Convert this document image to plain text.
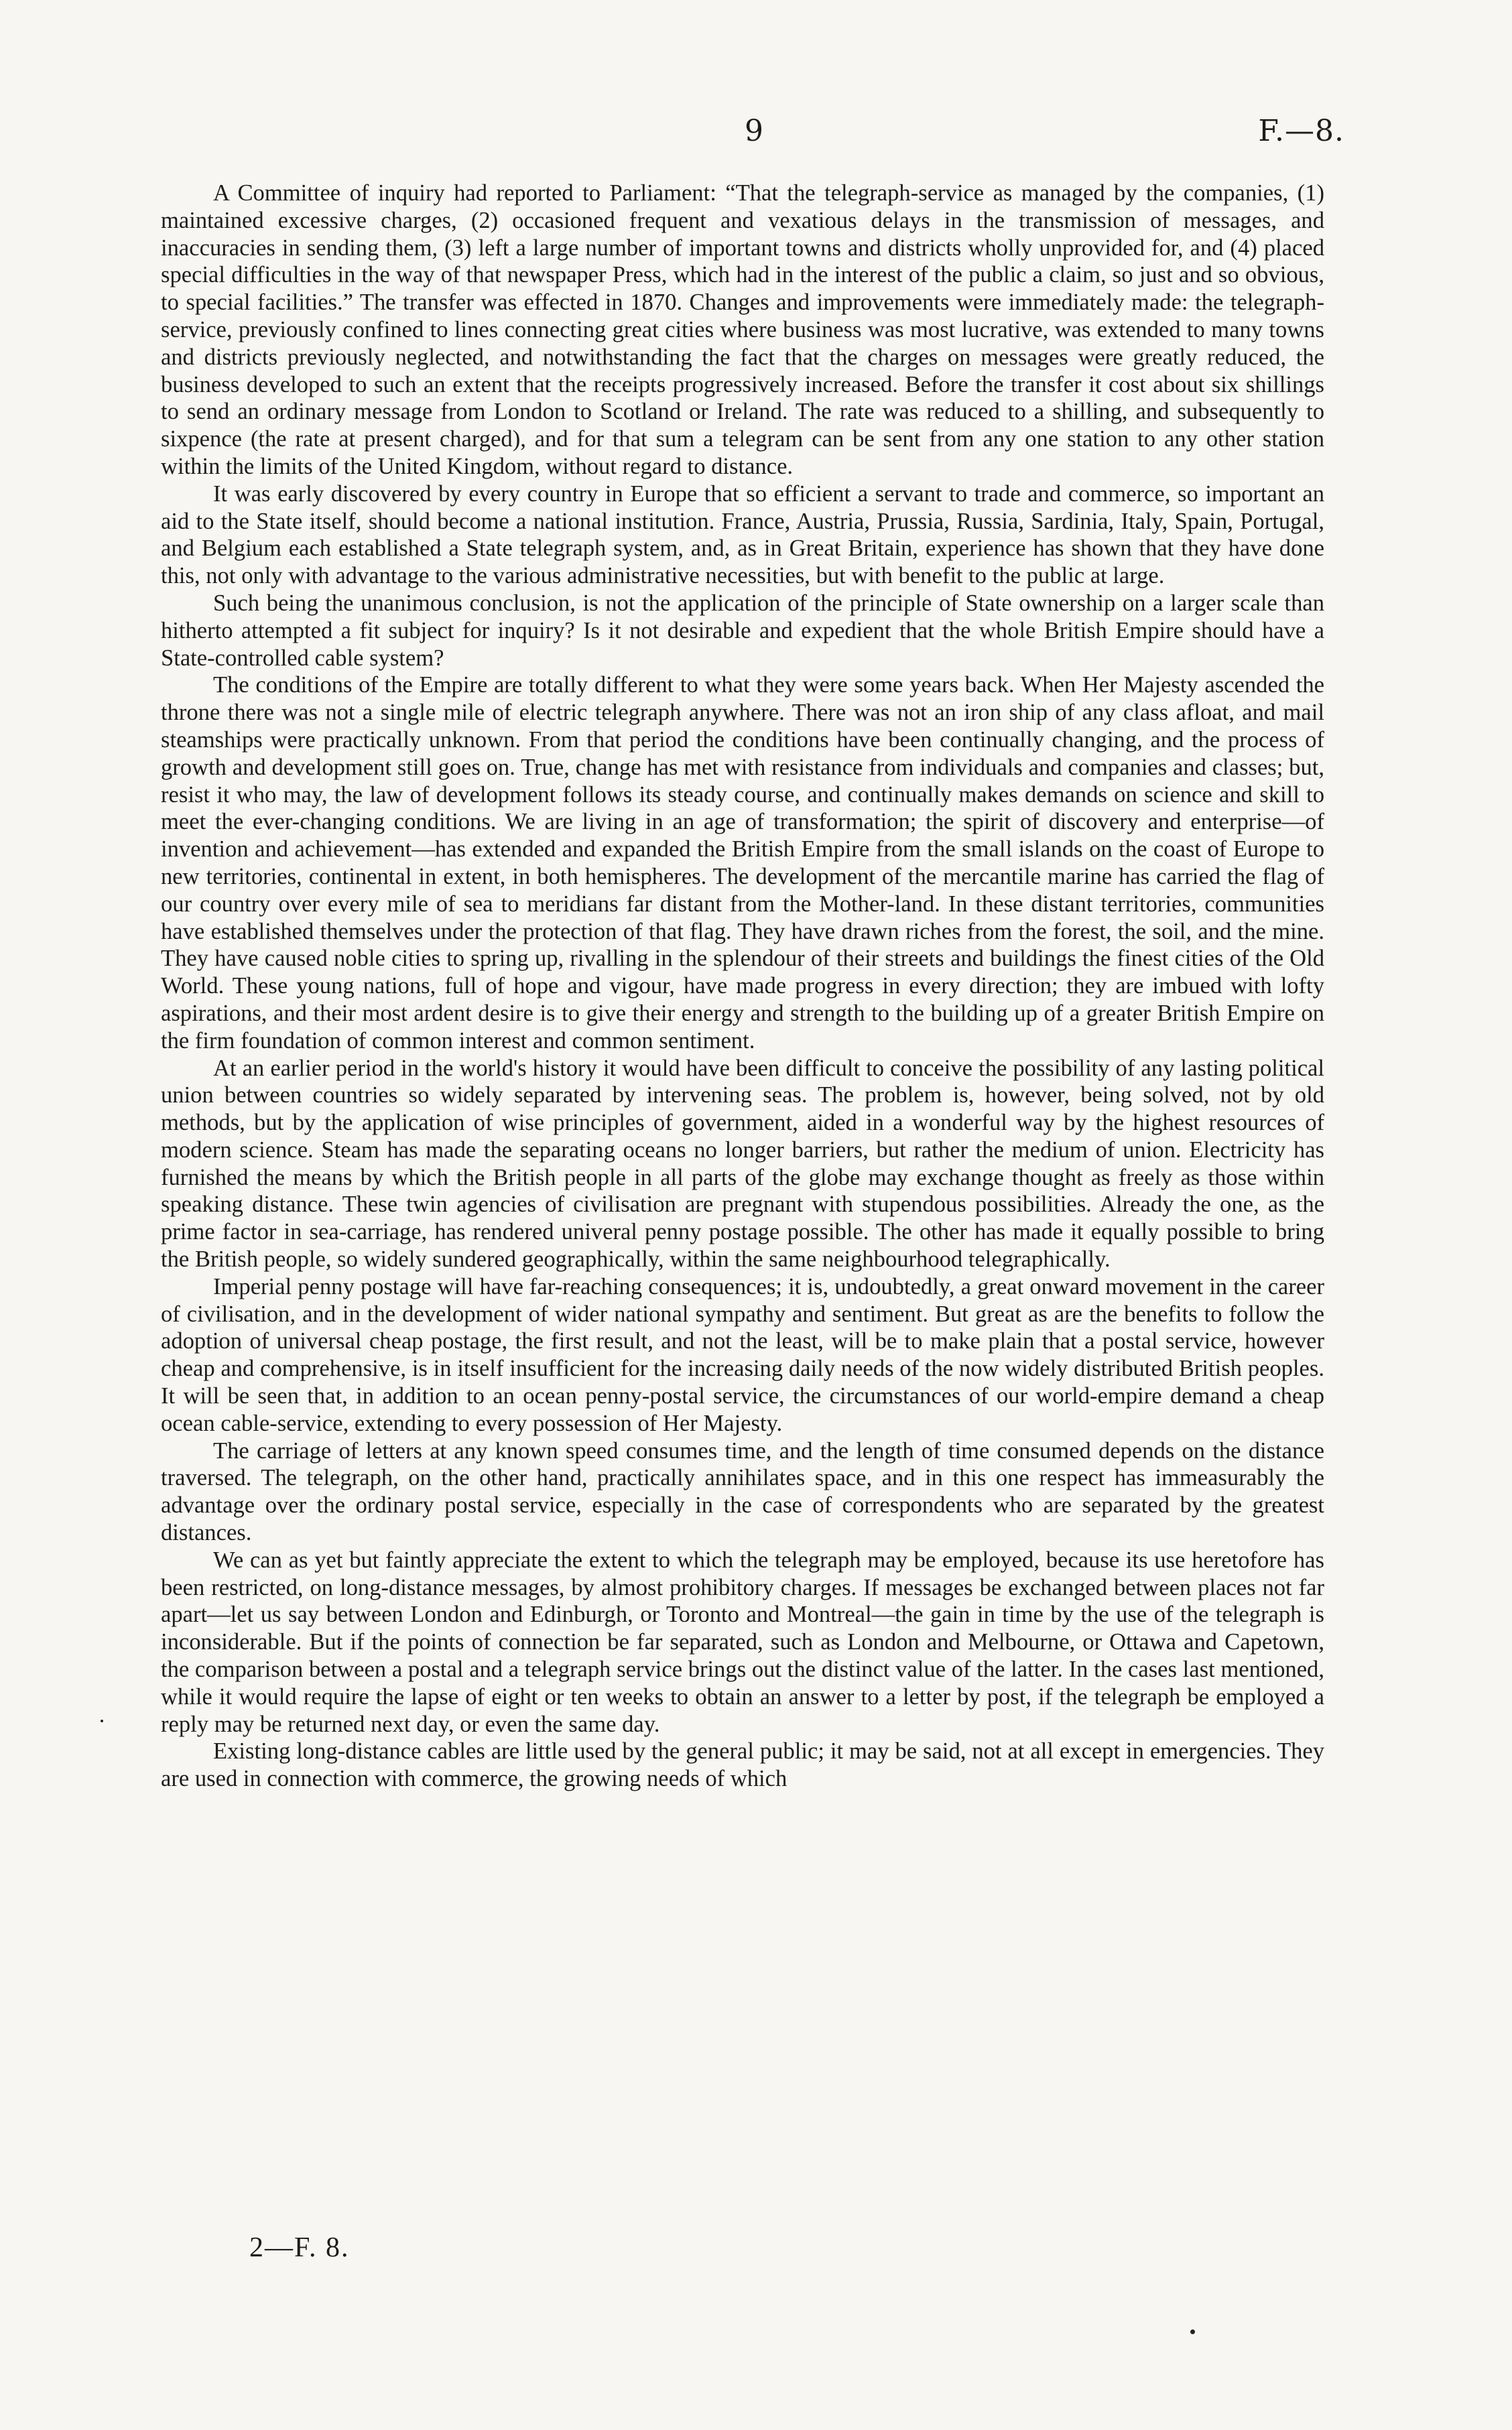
9	F.—8.

A Committee of inquiry had reported to Parliament: “That the telegraph-service as managed by the companies, (1) maintained excessive charges, (2) occasioned frequent and vexatious delays in the transmission of messages, and inaccuracies in sending them, (3) left a large number of important towns and districts wholly unprovided for, and (4) placed special difficulties in the way of that newspaper Press, which had in the interest of the public a claim, so just and so obvious, to special facilities.” The transfer was effected in 1870. Changes and improvements were immediately made: the telegraph-service, previously confined to lines connecting great cities where business was most lucrative, was extended to many towns and districts previously neglected, and notwithstanding the fact that the charges on messages were greatly reduced, the business developed to such an extent that the receipts progressively increased. Before the transfer it cost about six shillings to send an ordinary message from London to Scotland or Ireland. The rate was reduced to a shilling, and subsequently to sixpence (the rate at present charged), and for that sum a telegram can be sent from any one station to any other station within the limits of the United Kingdom, without regard to distance.

It was early discovered by every country in Europe that so efficient a servant to trade and commerce, so important an aid to the State itself, should become a national institution. France, Austria, Prussia, Russia, Sardinia, Italy, Spain, Portugal, and Belgium each established a State telegraph system, and, as in Great Britain, experience has shown that they have done this, not only with advantage to the various administrative necessities, but with benefit to the public at large.

Such being the unanimous conclusion, is not the application of the principle of State ownership on a larger scale than hitherto attempted a fit subject for inquiry? Is it not desirable and expedient that the whole British Empire should have a State-controlled cable system?

The conditions of the Empire are totally different to what they were some years back. When Her Majesty ascended the throne there was not a single mile of electric telegraph anywhere. There was not an iron ship of any class afloat, and mail steamships were practically unknown. From that period the conditions have been continually changing, and the process of growth and development still goes on. True, change has met with resistance from individuals and companies and classes; but, resist it who may, the law of development follows its steady course, and continually makes demands on science and skill to meet the ever-changing conditions. We are living in an age of transformation; the spirit of discovery and enterprise—of invention and achievement—has extended and expanded the British Empire from the small islands on the coast of Europe to new territories, continental in extent, in both hemispheres. The development of the mercantile marine has carried the flag of our country over every mile of sea to meridians far distant from the Mother-land. In these distant territories, communities have established themselves under the protection of that flag. They have drawn riches from the forest, the soil, and the mine. They have caused noble cities to spring up, rivalling in the splendour of their streets and buildings the finest cities of the Old World. These young nations, full of hope and vigour, have made progress in every direction; they are imbued with lofty aspirations, and their most ardent desire is to give their energy and strength to the building up of a greater British Empire on the firm foundation of common interest and common sentiment.

At an earlier period in the world's history it would have been difficult to conceive the possibility of any lasting political union between countries so widely separated by intervening seas. The problem is, however, being solved, not by old methods, but by the application of wise principles of government, aided in a wonderful way by the highest resources of modern science. Steam has made the separating oceans no longer barriers, but rather the medium of union. Electricity has furnished the means by which the British people in all parts of the globe may exchange thought as freely as those within speaking distance. These twin agencies of civilisation are pregnant with stupendous possibilities. Already the one, as the prime factor in sea-carriage, has rendered univeral penny postage possible. The other has made it equally possible to bring the British people, so widely sundered geographically, within the same neighbourhood telegraphically.

Imperial penny postage will have far-reaching consequences; it is, undoubtedly, a great onward movement in the career of civilisation, and in the development of wider national sympathy and sentiment. But great as are the benefits to follow the adoption of universal cheap postage, the first result, and not the least, will be to make plain that a postal service, however cheap and comprehensive, is in itself insufficient for the increasing daily needs of the now widely distributed British peoples. It will be seen that, in addition to an ocean penny-postal service, the circumstances of our world-empire demand a cheap ocean cable-service, extending to every possession of Her Majesty.

The carriage of letters at any known speed consumes time, and the length of time consumed depends on the distance traversed. The telegraph, on the other hand, practically annihilates space, and in this one respect has immeasurably the advantage over the ordinary postal service, especially in the case of correspondents who are separated by the greatest distances.

We can as yet but faintly appreciate the extent to which the telegraph may be employed, because its use heretofore has been restricted, on long-distance messages, by almost prohibitory charges. If messages be exchanged between places not far apart—let us say between London and Edinburgh, or Toronto and Montreal—the gain in time by the use of the telegraph is inconsiderable. But if the points of connection be far separated, such as London and Melbourne, or Ottawa and Capetown, the comparison between a postal and a telegraph service brings out the distinct value of the latter. In the cases last mentioned, while it would require the lapse of eight or ten weeks to obtain an answer to a letter by post, if the telegraph be employed a reply may be returned next day, or even the same day.

Existing long-distance cables are little used by the general public; it may be said, not at all except in emergencies. They are used in connection with commerce, the growing needs of which

2—F. 8.
